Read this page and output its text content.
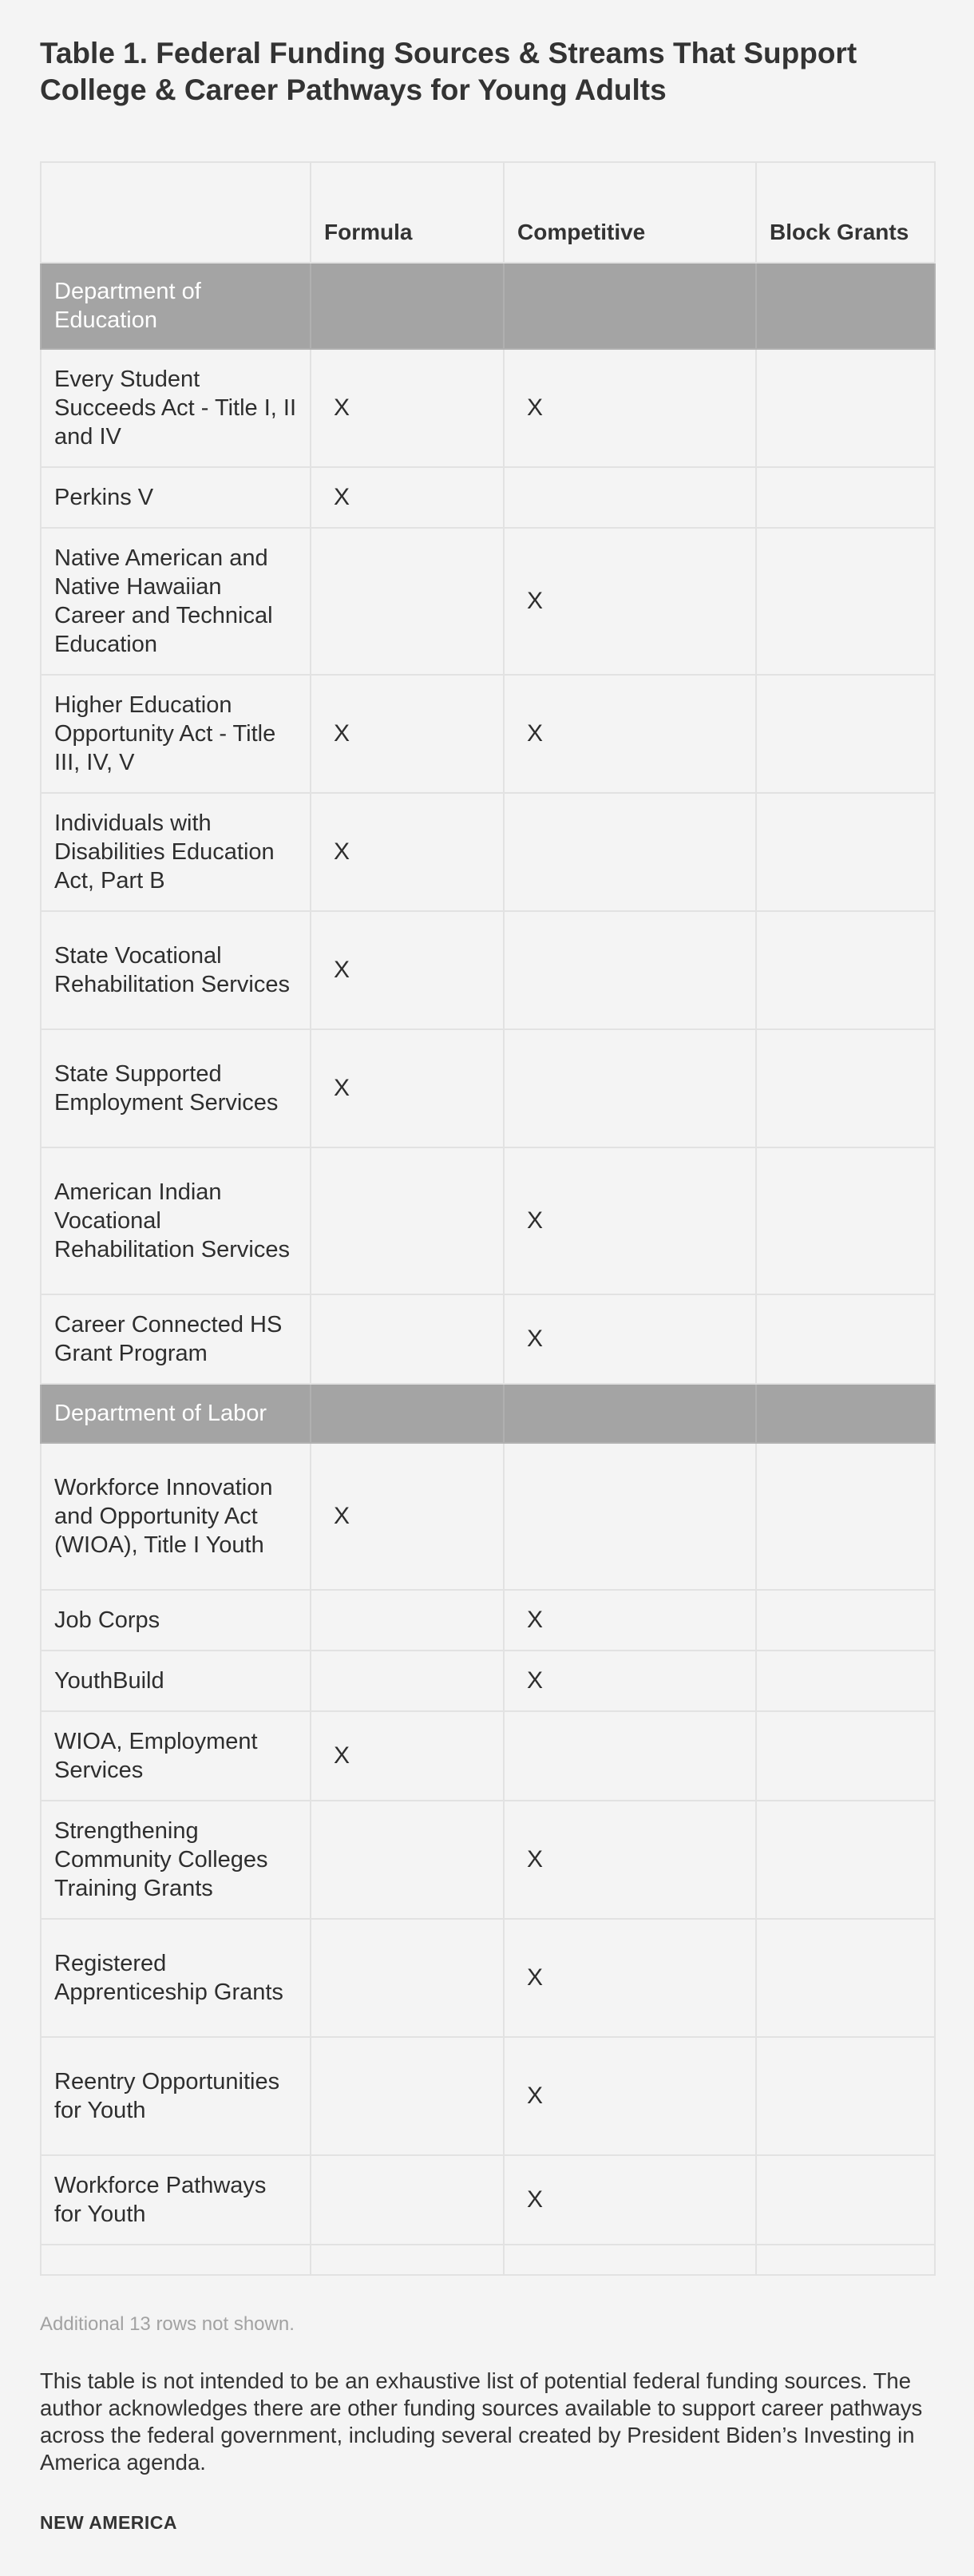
Table 1. Federal Funding Sources & Streams That Support College & Career Pathways for Young Adults
	Formula	Competitive	Block Grants
Department of Education			
Every Student Succeeds Act - Title I, II and IV	X	X	
Perkins V	X		
Native American and Native Hawaiian Career and Technical Education		X	
Higher Education Opportunity Act - Title III, IV, V	X	X	
Individuals with Disabilities Education Act, Part B	X		
State Vocational Rehabilitation Services	X		
State Supported Employment Services	X		
American Indian Vocational Rehabilitation Services		X	
Career Connected HS Grant Program		X	
Department of Labor			
Workforce Innovation and Opportunity Act (WIOA), Title I Youth	X		
Job Corps		X	
YouthBuild		X	
WIOA, Employment Services	X		
Strengthening Community Colleges Training Grants		X	
Registered Apprenticeship Grants		X	
Reentry Opportunities for Youth		X	
Workforce Pathways for Youth		X	

Additional 13 rows not shown.

This table is not intended to be an exhaustive list of potential federal funding sources. The author acknowledges there are other funding sources available to support career pathways across the federal government, including several created by President Biden’s Investing in America agenda.

NEW AMERICA
